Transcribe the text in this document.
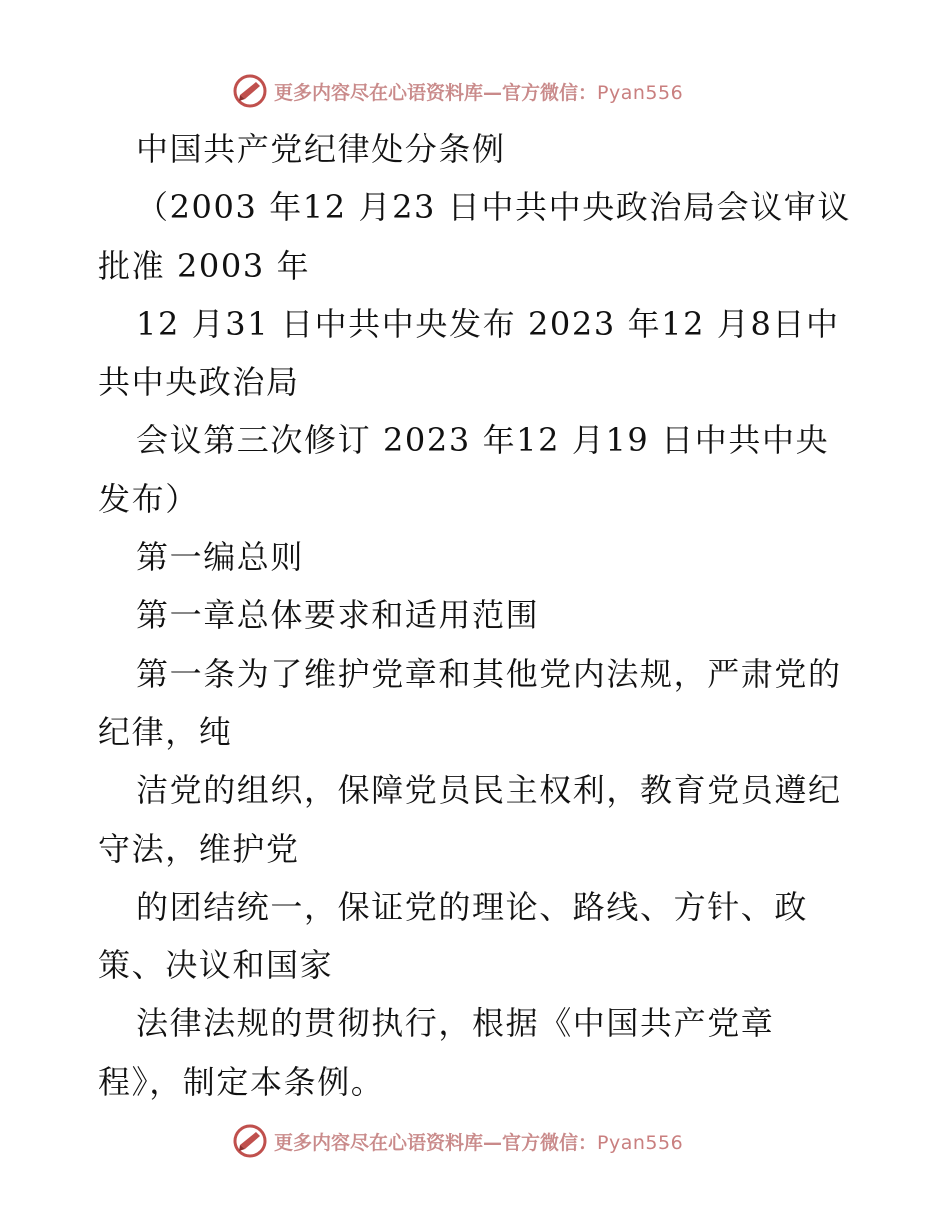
更多内容尽在心语资料库—官方微信：Pyan556
中国共产党纪律处分条例
（2003 年12 月23 日中共中央政治局会议审议
批准 2003 年
12 月31 日中共中央发布 2023 年12 月8日中
共中央政治局
会议第三次修订 2023 年12 月19 日中共中央
发布）
第一编总则
第一章总体要求和适用范围
第一条为了维护党章和其他党内法规，严肃党的
纪律，纯
洁党的组织，保障党员民主权利，教育党员遵纪
守法，维护党
的团结统一，保证党的理论、路线、方针、政
策、决议和国家
法律法规的贯彻执行，根据《中国共产党章
程》，制定本条例。
更多内容尽在心语资料库—官方微信：Pyan556
